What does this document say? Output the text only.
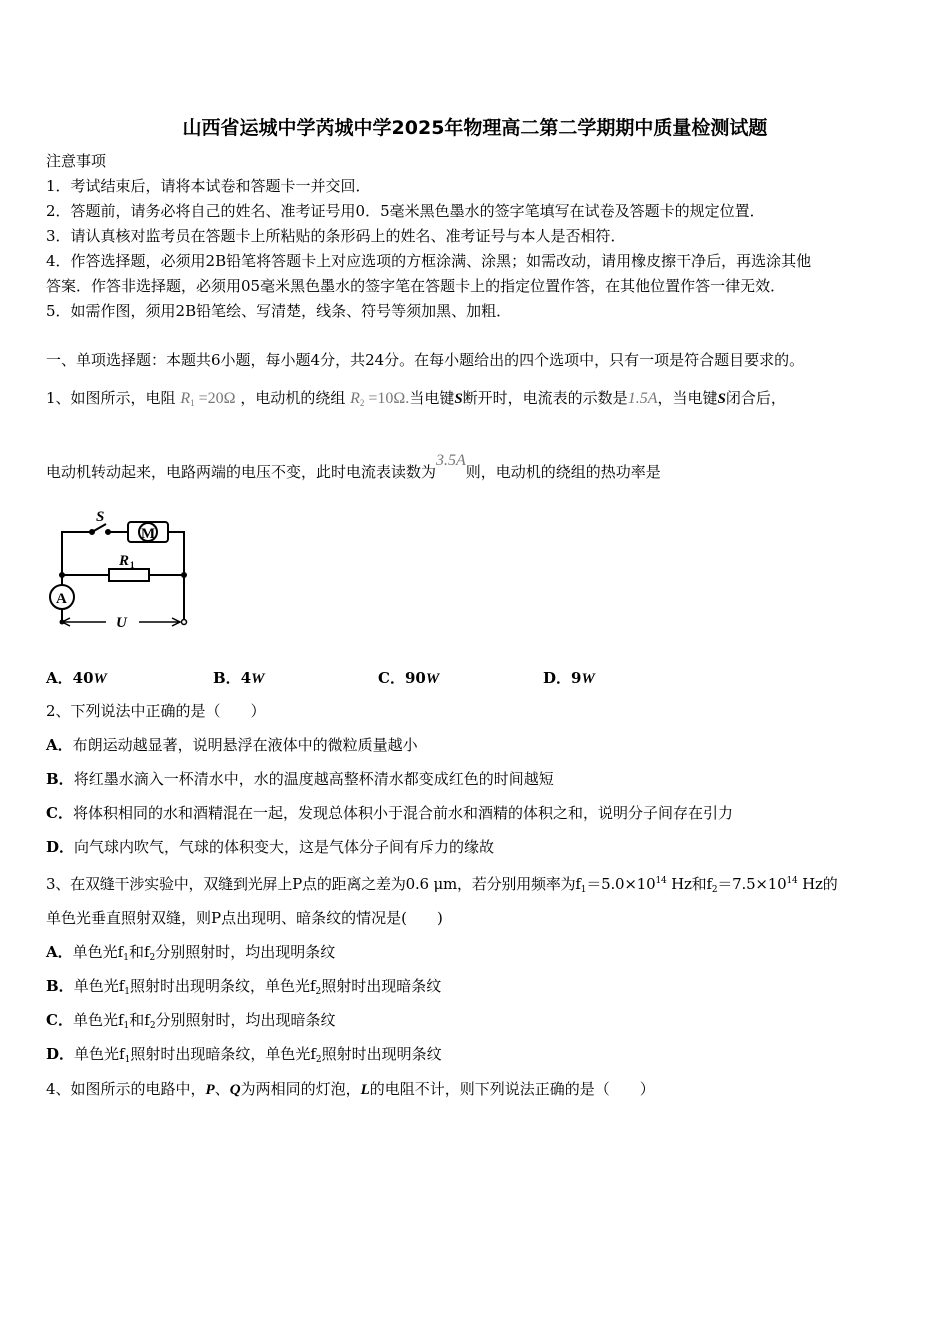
山西省运城中学芮城中学2025年物理高二第二学期期中质量检测试题
注意事项
1．考试结束后，请将本试卷和答题卡一并交回．
2．答题前，请务必将自己的姓名、准考证号用0．5毫米黑色墨水的签字笔填写在试卷及答题卡的规定位置．
3．请认真核对监考员在答题卡上所粘贴的条形码上的姓名、准考证号与本人是否相符．
4．作答选择题，必须用2B铅笔将答题卡上对应选项的方框涂满、涂黑；如需改动，请用橡皮擦干净后，再选涂其他
答案．作答非选择题，必须用05毫米黑色墨水的签字笔在答题卡上的指定位置作答，在其他位置作答一律无效．
5．如需作图，须用2B铅笔绘、写清楚，线条、符号等须加黑、加粗．
一、单项选择题：本题共6小题，每小题4分，共24分。在每小题给出的四个选项中，只有一项是符合题目要求的。
1、如图所示，电阻 $R_1 =20\Omega$ ，电动机的绕组 $R_2 =10\Omega$.当电键S断开时，电流表的示数是1.5A，当电键S闭合后，
电动机转动起来，电路两端的电压不变，此时电流表读数为3.5A则，电动机的绕组的热功率是
S
M
R 1
A
U
A．40W	B．4W	C．90W	D．9W
2、下列说法中正确的是（　　）
A．布朗运动越显著，说明悬浮在液体中的微粒质量越小
B．将红墨水滴入一杯清水中，水的温度越高整杯清水都变成红色的时间越短
C．将体积相同的水和酒精混在一起，发现总体积小于混合前水和酒精的体积之和，说明分子间存在引力
D．向气球内吹气，气球的体积变大，这是气体分子间有斥力的缘故
3、在双缝干涉实验中，双缝到光屏上P点的距离之差为0.6 μm，若分别用频率为$f_1=5.0\times 10^{14}$ Hz和$f_2=7.5\times 10^{14}$ Hz的
单色光垂直照射双缝，则P点出现明、暗条纹的情况是(　　)
A．单色光$f_1$和$f_2$分别照射时，均出现明条纹
B．单色光$f_1$照射时出现明条纹，单色光$f_2$照射时出现暗条纹
C．单色光$f_1$和$f_2$分别照射时，均出现暗条纹
D．单色光$f_1$照射时出现暗条纹，单色光$f_2$照射时出现明条纹
4、如图所示的电路中，P、Q为两相同的灯泡，L的电阻不计，则下列说法正确的是（　　）
